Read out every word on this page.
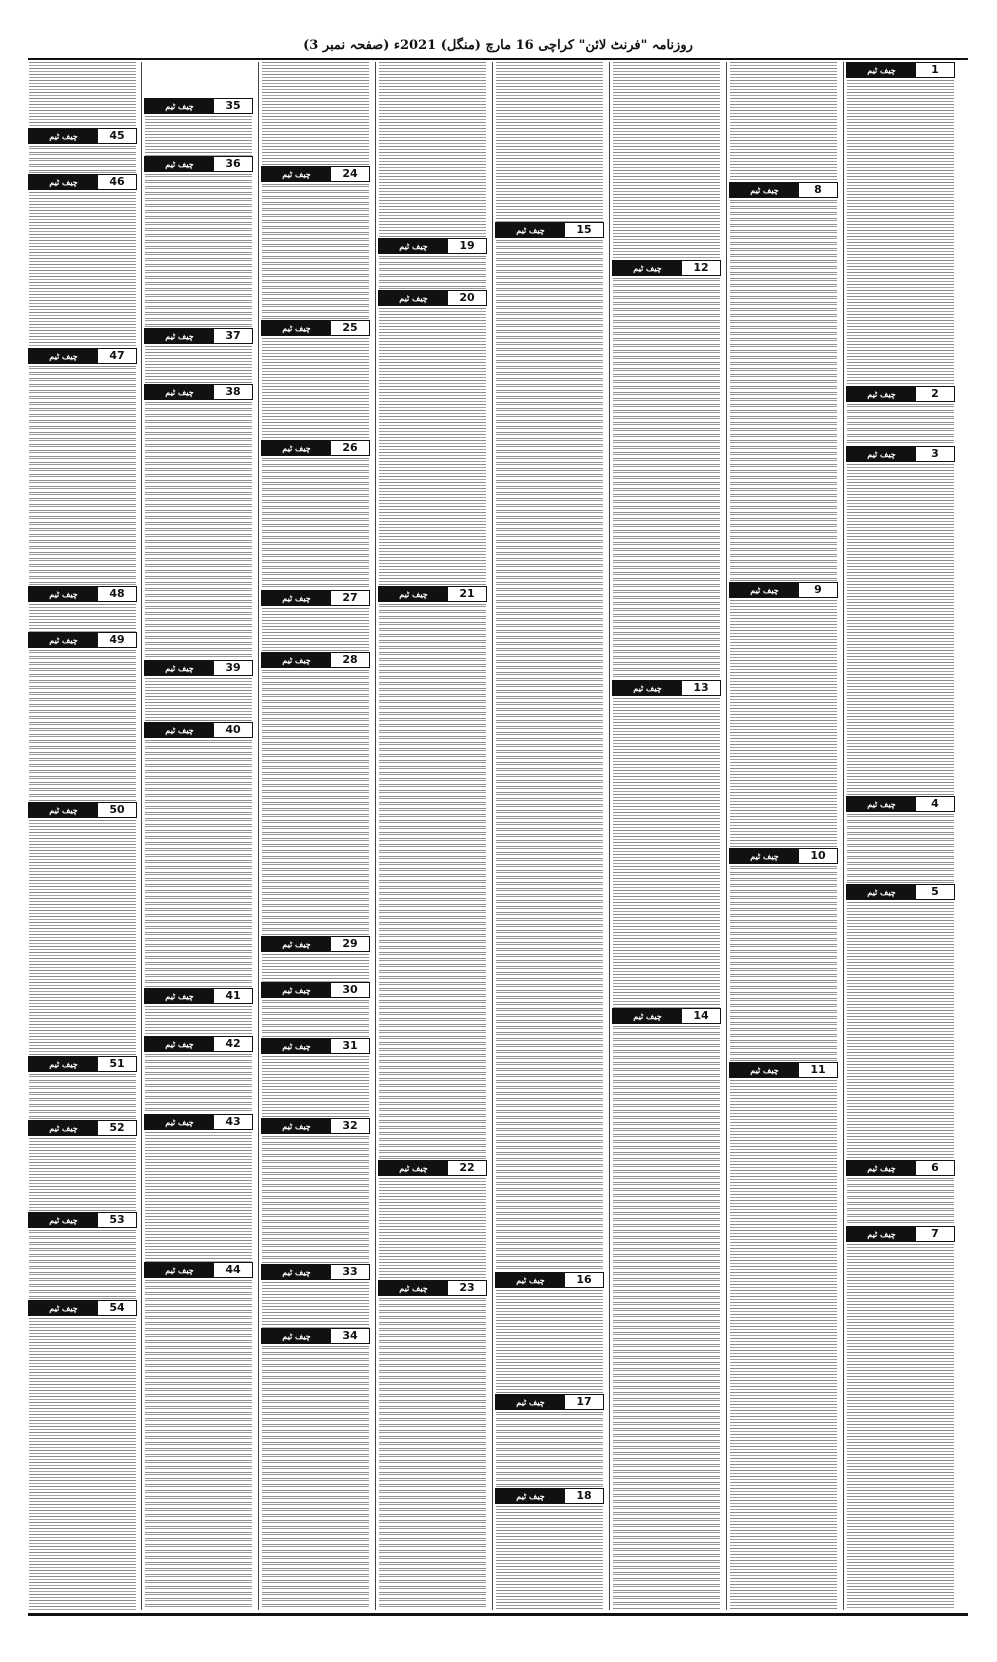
روزنامہ "فرنٹ لائن" کراچی 16 مارچ (منگل) 2021ء (صفحہ نمبر 3)
چیف ٹیم	1
چیف ٹیم	2
چیف ٹیم	3
چیف ٹیم	4
چیف ٹیم	5
چیف ٹیم	6
چیف ٹیم	7
چیف ٹیم	8
چیف ٹیم	9
چیف ٹیم	10
چیف ٹیم	11
چیف ٹیم	12
چیف ٹیم	13
چیف ٹیم	14
چیف ٹیم	15
چیف ٹیم	16
چیف ٹیم	17
چیف ٹیم	18
چیف ٹیم	19
چیف ٹیم	20
چیف ٹیم	21
چیف ٹیم	22
چیف ٹیم	23
چیف ٹیم	24
چیف ٹیم	25
چیف ٹیم	26
چیف ٹیم	27
چیف ٹیم	28
چیف ٹیم	29
چیف ٹیم	30
چیف ٹیم	31
چیف ٹیم	32
چیف ٹیم	33
چیف ٹیم	34
چیف ٹیم	35
چیف ٹیم	36
چیف ٹیم	37
چیف ٹیم	38
چیف ٹیم	39
چیف ٹیم	40
چیف ٹیم	41
چیف ٹیم	42
چیف ٹیم	43
چیف ٹیم	44
چیف ٹیم	45
چیف ٹیم	46
چیف ٹیم	47
چیف ٹیم	48
چیف ٹیم	49
چیف ٹیم	50
چیف ٹیم	51
چیف ٹیم	52
چیف ٹیم	53
چیف ٹیم	54
